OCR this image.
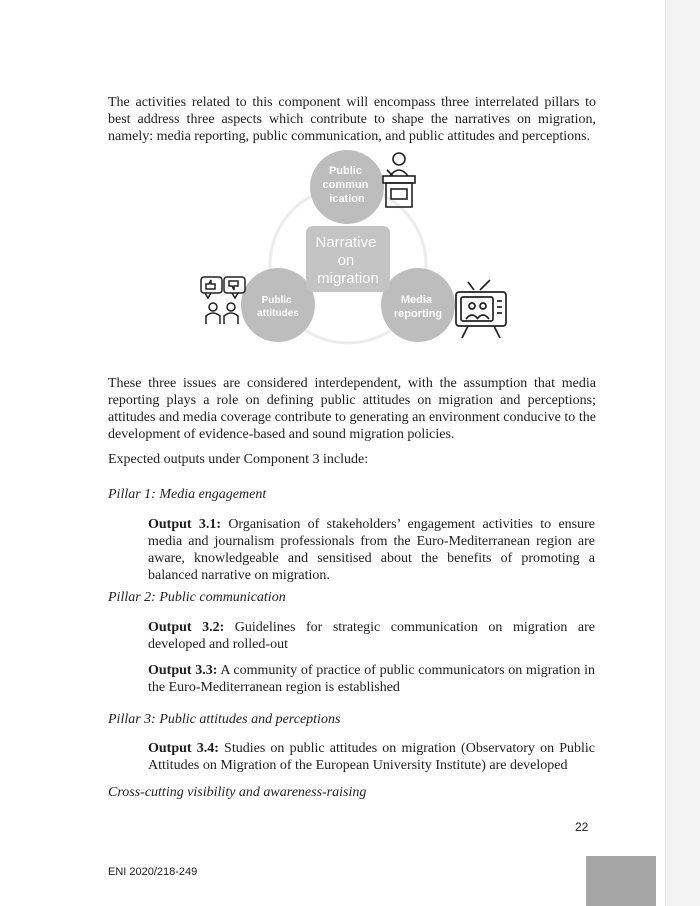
The activities related to this component will encompass three interrelated pillars to best address three aspects which contribute to shape the narratives on migration, namely: media reporting, public communication, and public attitudes and perceptions.

Public commun ication
Public attitudes
Media reporting
Narrative on migration

These three issues are considered interdependent, with the assumption that media reporting plays a role on defining public attitudes on migration and perceptions; attitudes and media coverage contribute to generating an environment conducive to the development of evidence-based and sound migration policies.

Expected outputs under Component 3 include:

Pillar 1: Media engagement

Output 3.1: Organisation of stakeholders’ engagement activities to ensure media and journalism professionals from the Euro-Mediterranean region are aware, knowledgeable and sensitised about the benefits of promoting a balanced narrative on migration.

Pillar 2: Public communication

Output 3.2: Guidelines for strategic communication on migration are developed and rolled-out

Output 3.3: A community of practice of public communicators on migration in the Euro-Mediterranean region is established

Pillar 3: Public attitudes and perceptions

Output 3.4: Studies on public attitudes on migration (Observatory on Public Attitudes on Migration of the European University Institute) are developed

Cross-cutting visibility and awareness-raising

22
ENI 2020/218-249
